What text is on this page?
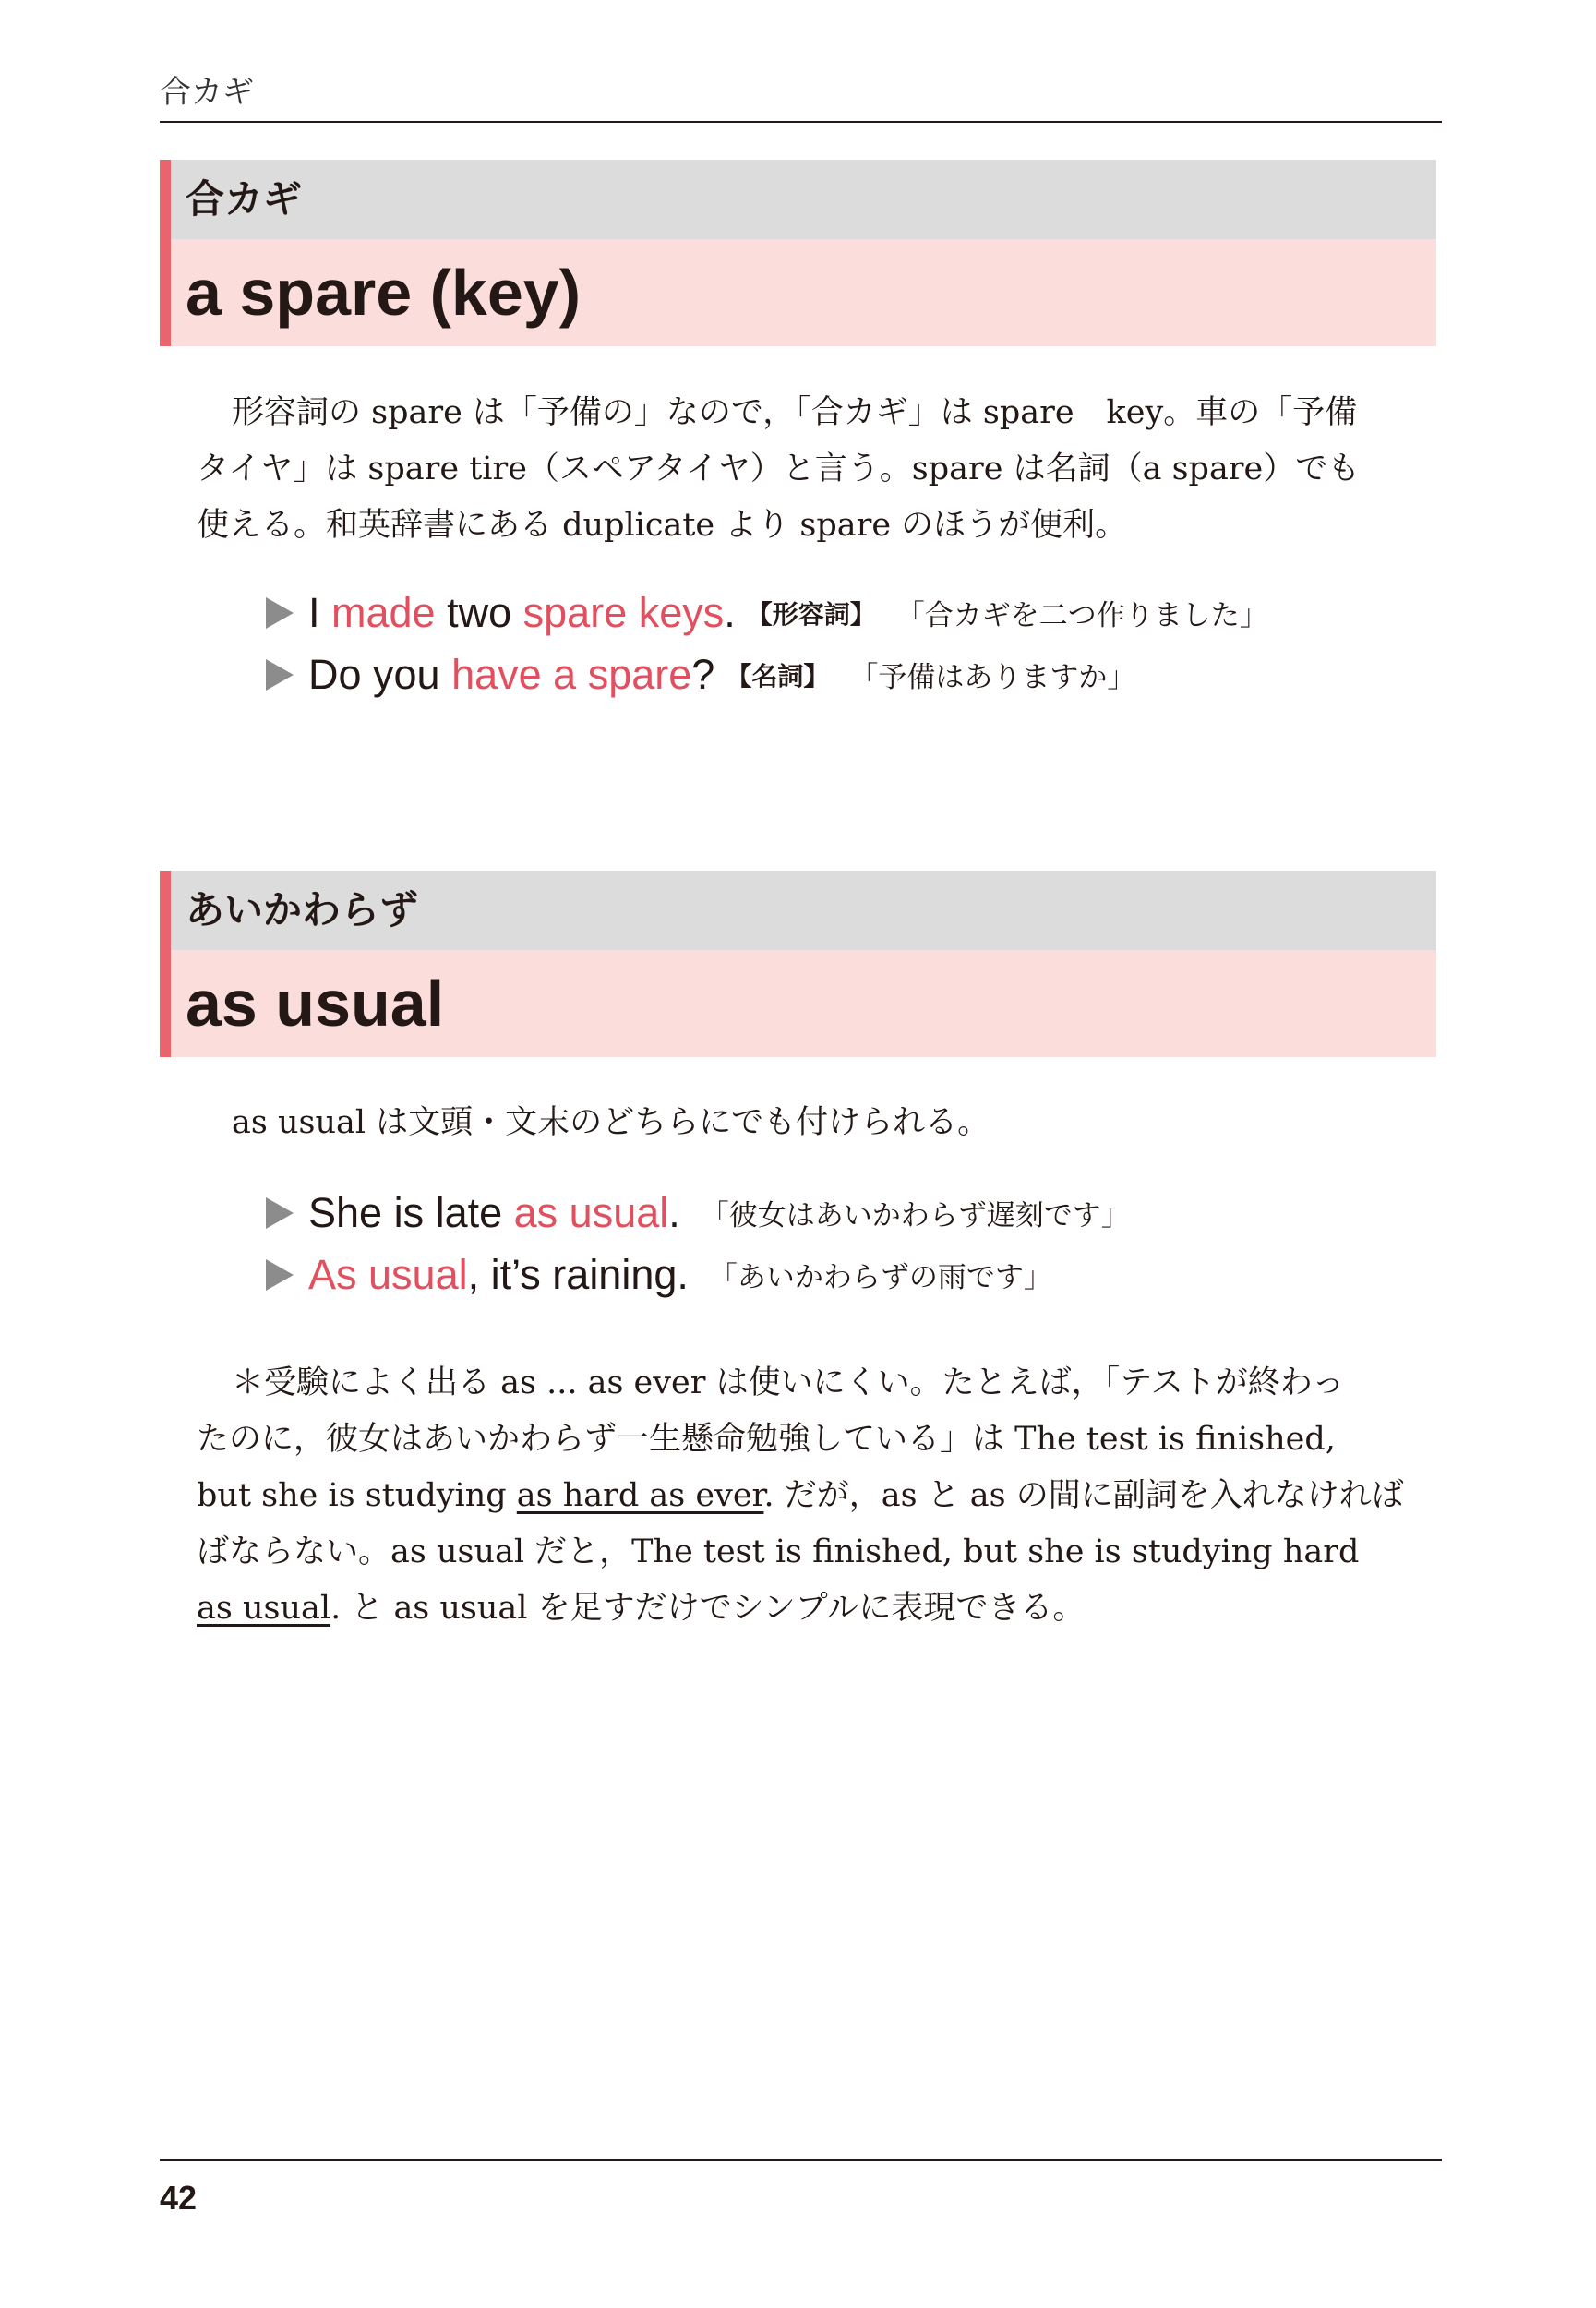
合カギ
合カギ
a spare (key)

形容詞の spare は「予備の」なので，「合カギ」は spare　key。車の「予備

タイヤ」は spare tire（スペアタイヤ）と言う。spare は名詞（a spare）でも

使える。和英辞書にある duplicate より spare のほうが便利。

I made two spare keys. 【形容詞】 「合カギを二つ作りました」
Do you have a spare? 【名詞】 「予備はありますか」
あいかわらず
as usual

as usual は文頭・文末のどちらにでも付けられる。

She is late as usual. 「彼女はあいかわらず遅刻です」
As usual, it’s raining. 「あいかわらずの雨です」

＊受験によく出る as ... as ever は使いにくい。たとえば，「テストが終わっ

たのに，彼女はあいかわらず一生懸命勉強している」は The test is finished,

but she is studying as hard as ever. だが，as と as の間に副詞を入れなければ

ばならない。as usual だと，The test is finished, but she is studying hard

as usual. と as usual を足すだけでシンプルに表現できる。

42
